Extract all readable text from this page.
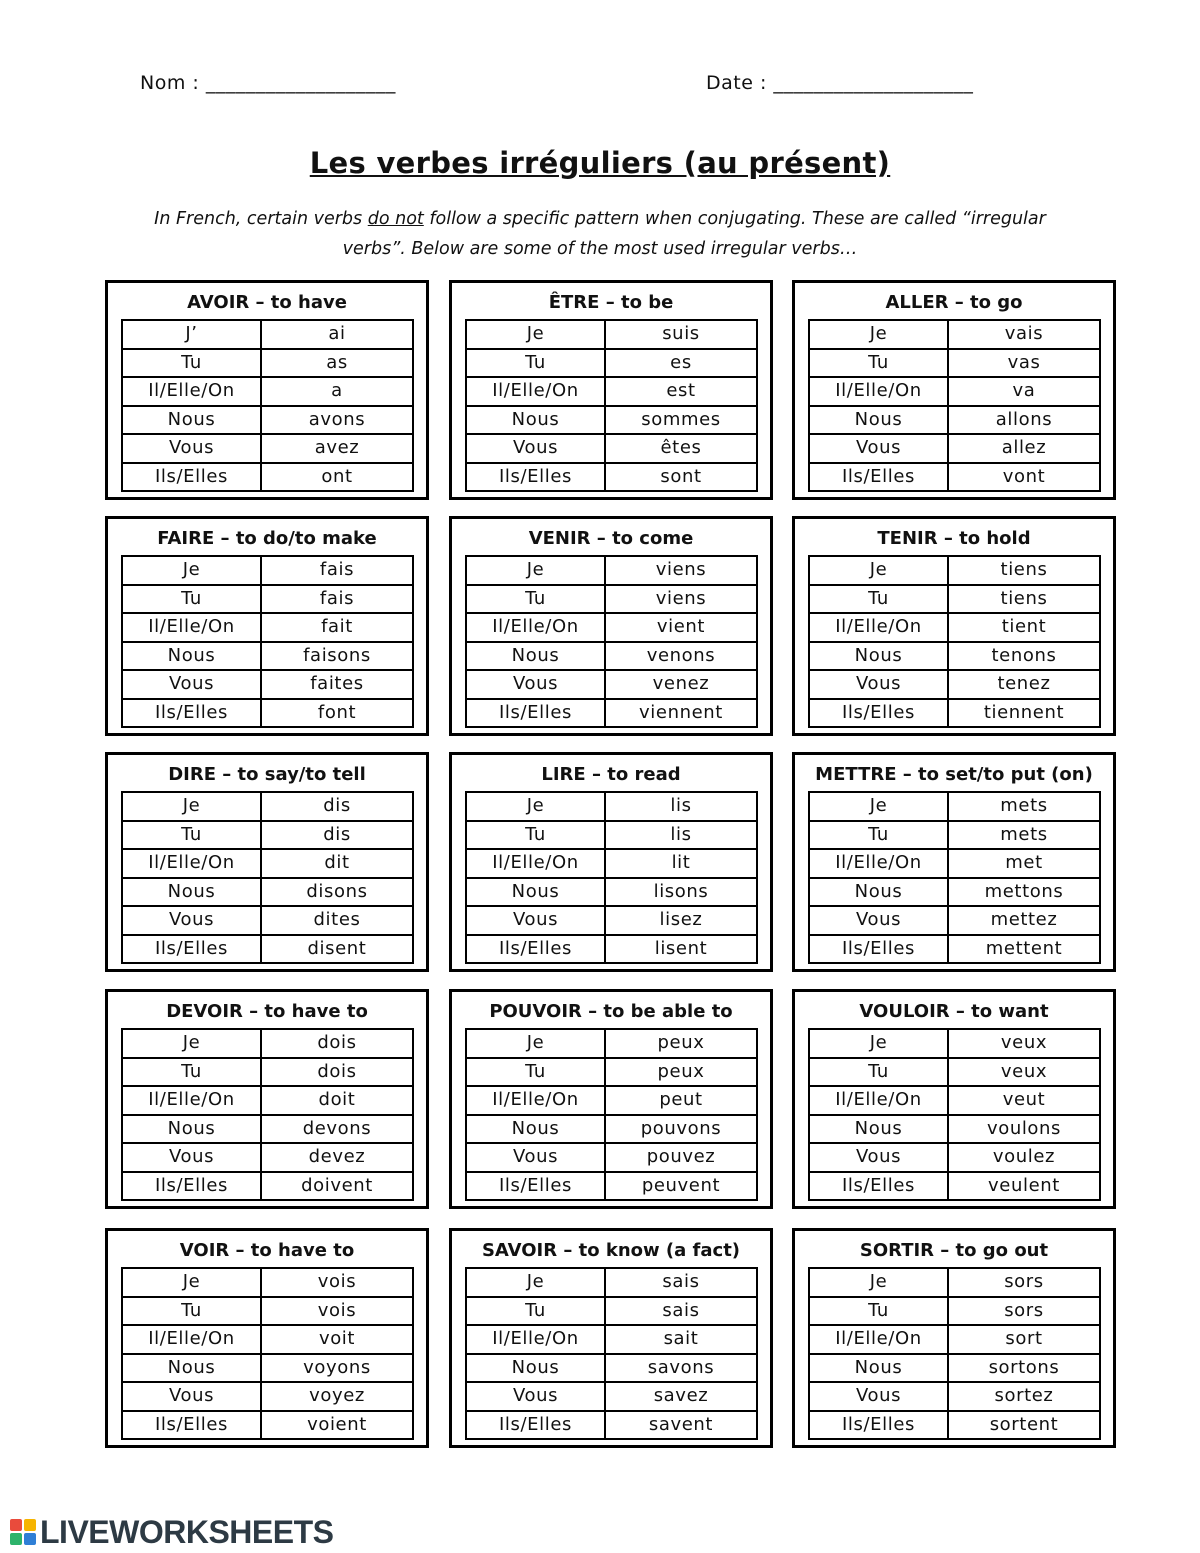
Nom : ___________________	Date : ____________________
Les verbes irréguliers (au présent)

In French, certain verbs do not follow a specific pattern when conjugating. These are called “irregular verbs”. Below are some of the most used irregular verbs…

AVOIR – to have
J’	ai
Tu	as
Il/Elle/On	a
Nous	avons
Vous	avez
Ils/Elles	ont
ÊTRE – to be
Je	suis
Tu	es
Il/Elle/On	est
Nous	sommes
Vous	êtes
Ils/Elles	sont
ALLER – to go
Je	vais
Tu	vas
Il/Elle/On	va
Nous	allons
Vous	allez
Ils/Elles	vont
FAIRE – to do/to make
Je	fais
Tu	fais
Il/Elle/On	fait
Nous	faisons
Vous	faites
Ils/Elles	font
VENIR – to come
Je	viens
Tu	viens
Il/Elle/On	vient
Nous	venons
Vous	venez
Ils/Elles	viennent
TENIR – to hold
Je	tiens
Tu	tiens
Il/Elle/On	tient
Nous	tenons
Vous	tenez
Ils/Elles	tiennent
DIRE – to say/to tell
Je	dis
Tu	dis
Il/Elle/On	dit
Nous	disons
Vous	dites
Ils/Elles	disent
LIRE – to read
Je	lis
Tu	lis
Il/Elle/On	lit
Nous	lisons
Vous	lisez
Ils/Elles	lisent
METTRE – to set/to put (on)
Je	mets
Tu	mets
Il/Elle/On	met
Nous	mettons
Vous	mettez
Ils/Elles	mettent
DEVOIR – to have to
Je	dois
Tu	dois
Il/Elle/On	doit
Nous	devons
Vous	devez
Ils/Elles	doivent
POUVOIR – to be able to
Je	peux
Tu	peux
Il/Elle/On	peut
Nous	pouvons
Vous	pouvez
Ils/Elles	peuvent
VOULOIR – to want
Je	veux
Tu	veux
Il/Elle/On	veut
Nous	voulons
Vous	voulez
Ils/Elles	veulent
VOIR – to have to
Je	vois
Tu	vois
Il/Elle/On	voit
Nous	voyons
Vous	voyez
Ils/Elles	voient
SAVOIR – to know (a fact)
Je	sais
Tu	sais
Il/Elle/On	sait
Nous	savons
Vous	savez
Ils/Elles	savent
SORTIR – to go out
Je	sors
Tu	sors
Il/Elle/On	sort
Nous	sortons
Vous	sortez
Ils/Elles	sortent
LIVEWORKSHEETS
